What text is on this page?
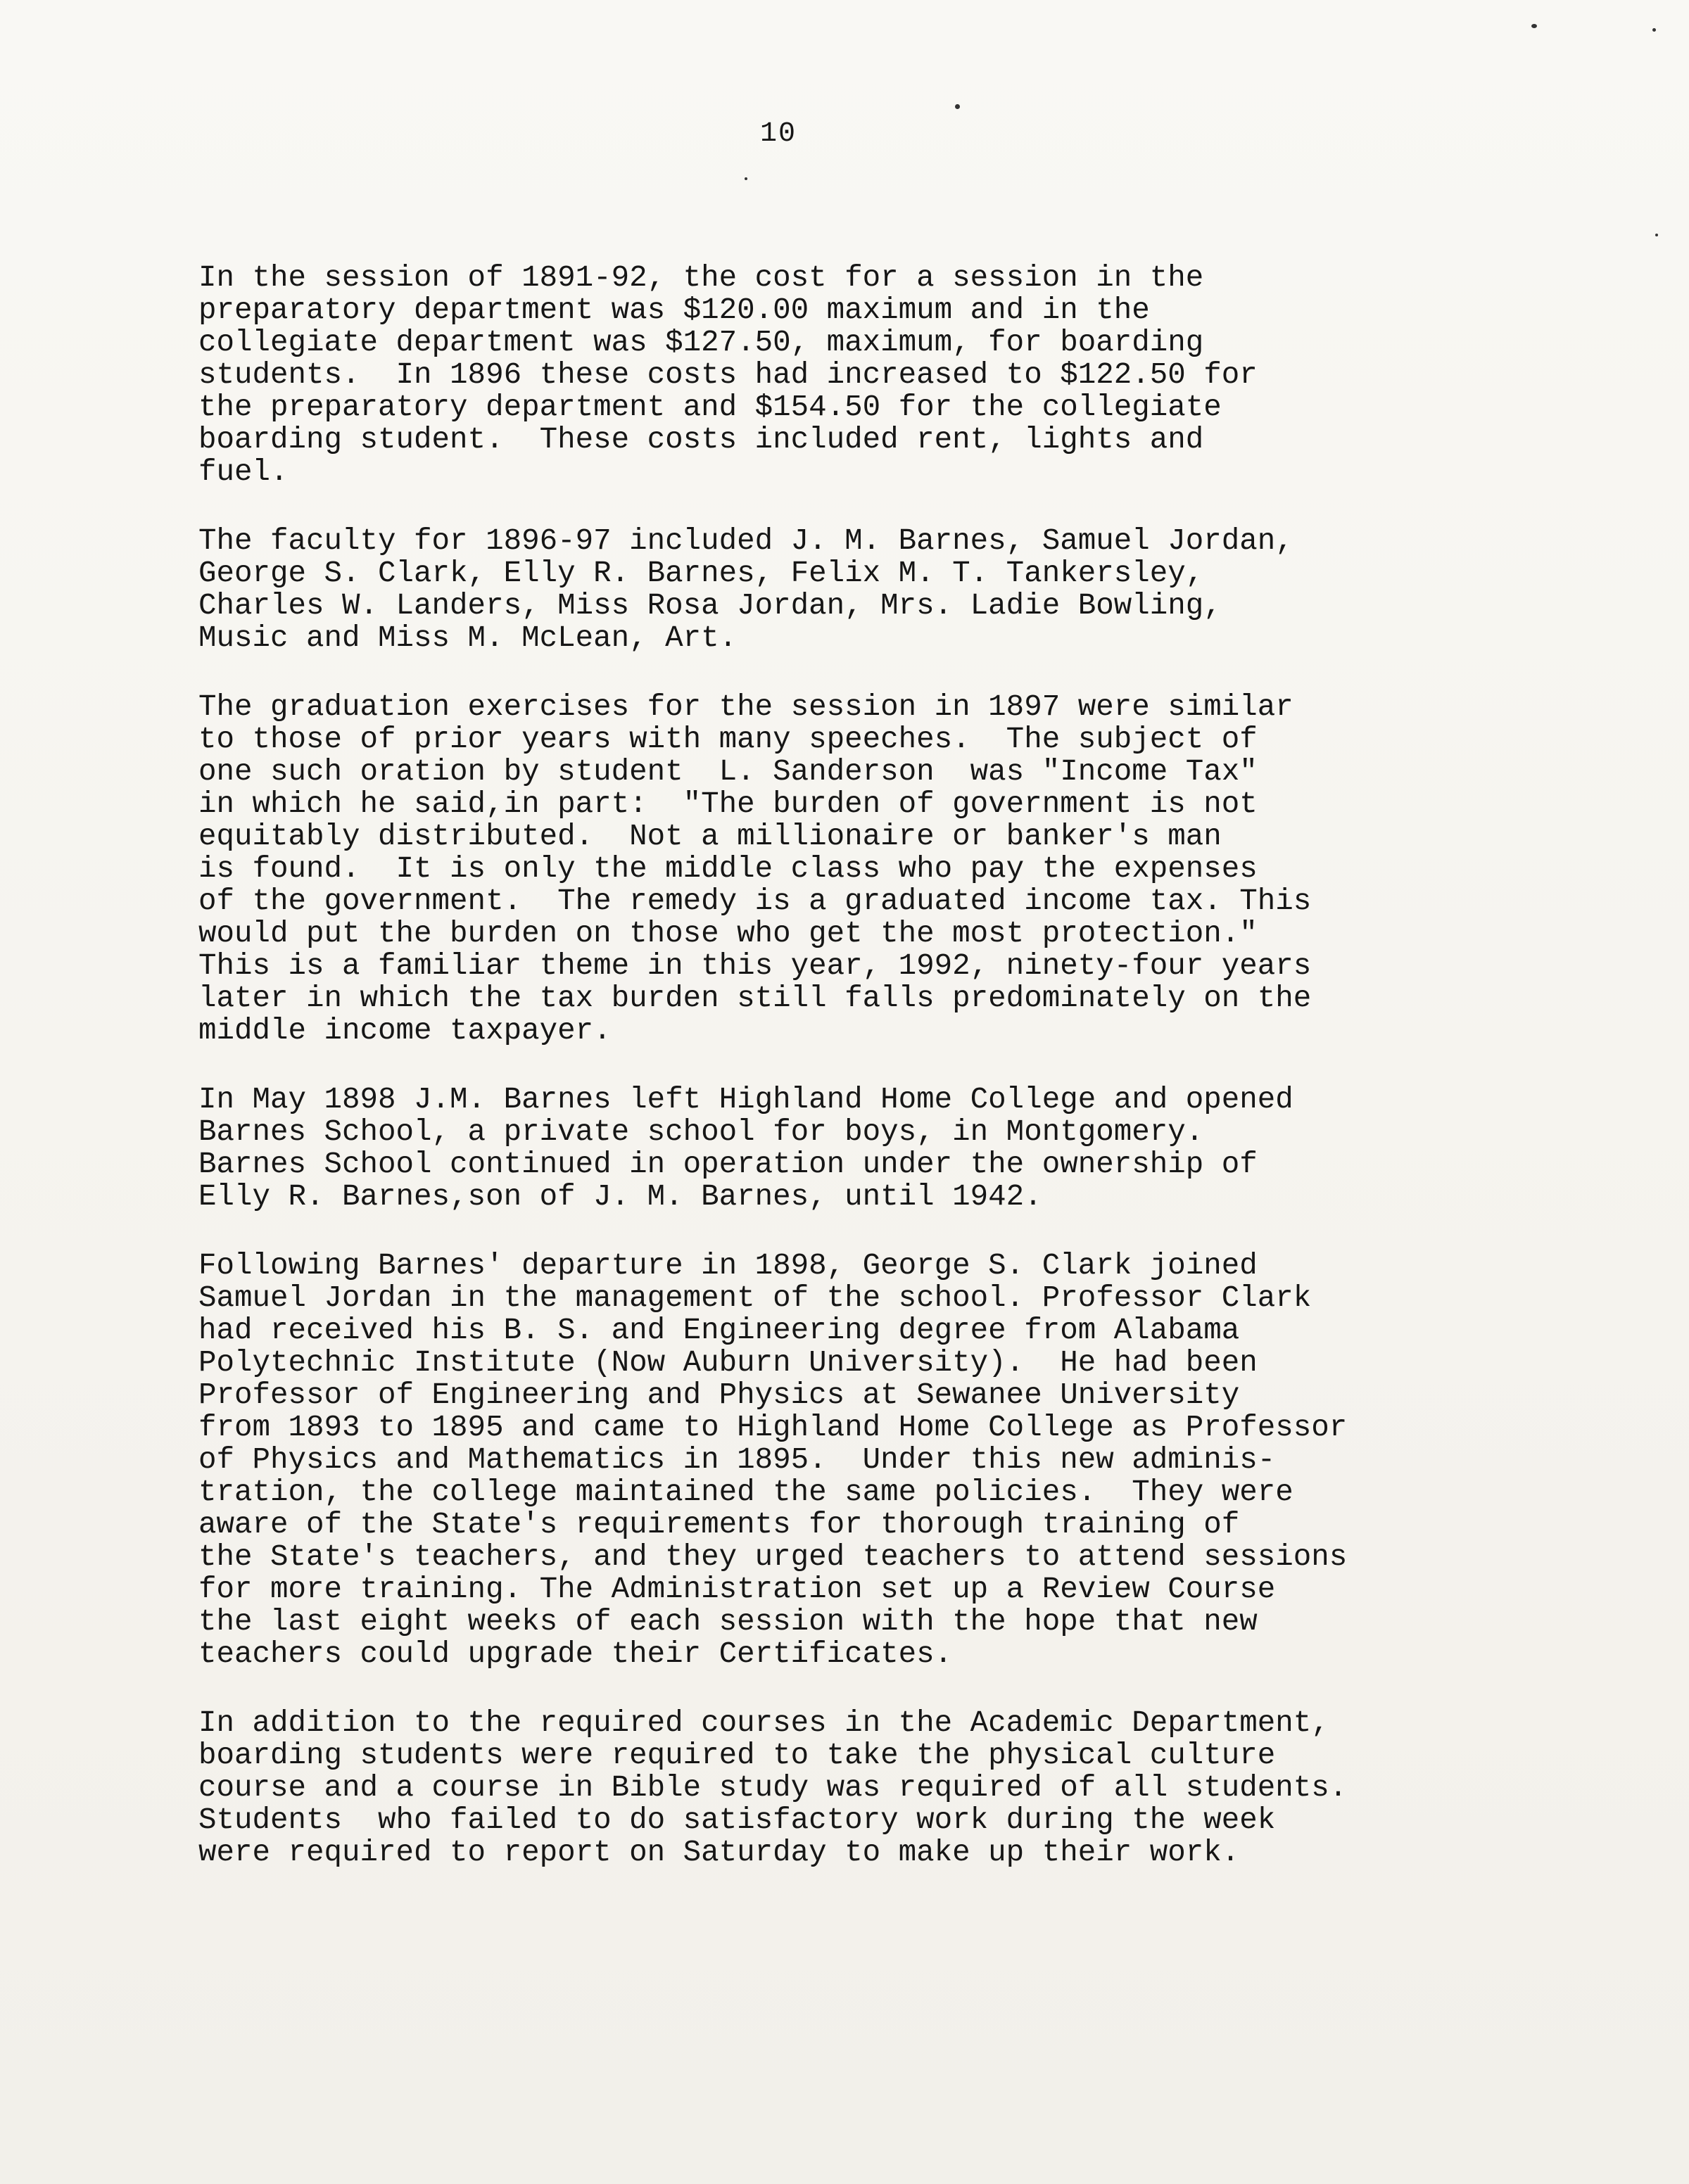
10

In the session of 1891-92, the cost for a session in the
preparatory department was $120.00 maximum and in the
collegiate department was $127.50, maximum, for boarding
students.  In 1896 these costs had increased to $122.50 for
the preparatory department and $154.50 for the collegiate
boarding student.  These costs included rent, lights and
fuel.

The faculty for 1896-97 included J. M. Barnes, Samuel Jordan,
George S. Clark, Elly R. Barnes, Felix M. T. Tankersley,
Charles W. Landers, Miss Rosa Jordan, Mrs. Ladie Bowling,
Music and Miss M. McLean, Art.

The graduation exercises for the session in 1897 were similar
to those of prior years with many speeches.  The subject of
one such oration by student  L. Sanderson  was "Income Tax"
in which he said,in part:  "The burden of government is not
equitably distributed.  Not a millionaire or banker's man
is found.  It is only the middle class who pay the expenses
of the government.  The remedy is a graduated income tax. This
would put the burden on those who get the most protection."
This is a familiar theme in this year, 1992, ninety-four years
later in which the tax burden still falls predominately on the
middle income taxpayer.

In May 1898 J.M. Barnes left Highland Home College and opened
Barnes School, a private school for boys, in Montgomery.
Barnes School continued in operation under the ownership of
Elly R. Barnes,son of J. M. Barnes, until 1942.

Following Barnes' departure in 1898, George S. Clark joined
Samuel Jordan in the management of the school. Professor Clark
had received his B. S. and Engineering degree from Alabama
Polytechnic Institute (Now Auburn University).  He had been
Professor of Engineering and Physics at Sewanee University
from 1893 to 1895 and came to Highland Home College as Professor
of Physics and Mathematics in 1895.  Under this new adminis-
tration, the college maintained the same policies.  They were
aware of the State's requirements for thorough training of
the State's teachers, and they urged teachers to attend sessions
for more training. The Administration set up a Review Course
the last eight weeks of each session with the hope that new
teachers could upgrade their Certificates.

In addition to the required courses in the Academic Department,
boarding students were required to take the physical culture
course and a course in Bible study was required of all students.
Students  who failed to do satisfactory work during the week
were required to report on Saturday to make up their work.
